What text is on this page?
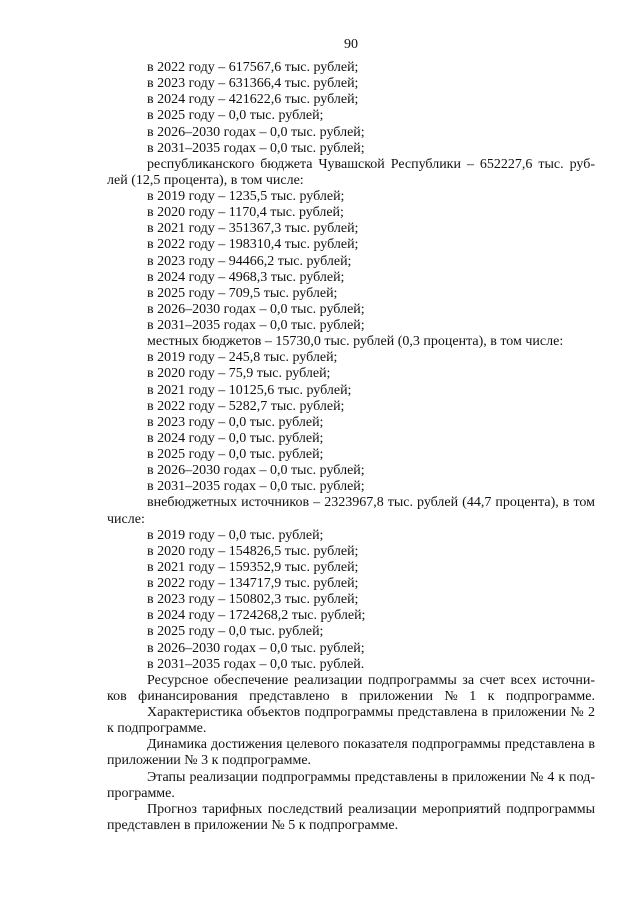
90
в 2022 году – 617567,6 тыс. рублей;
в 2023 году – 631366,4 тыс. рублей;
в 2024 году – 421622,6 тыс. рублей;
в 2025 году – 0,0 тыс. рублей;
в 2026–2030 годах – 0,0 тыс. рублей;
в 2031–2035 годах – 0,0 тыс. рублей;
республиканского бюджета Чувашской Республики – 652227,6 тыс. руб-
лей (12,5 процента), в том числе:
в 2019 году – 1235,5 тыс. рублей;
в 2020 году – 1170,4 тыс. рублей;
в 2021 году – 351367,3 тыс. рублей;
в 2022 году – 198310,4 тыс. рублей;
в 2023 году – 94466,2 тыс. рублей;
в 2024 году – 4968,3 тыс. рублей;
в 2025 году – 709,5 тыс. рублей;
в 2026–2030 годах – 0,0 тыс. рублей;
в 2031–2035 годах – 0,0 тыс. рублей;
местных бюджетов – 15730,0 тыс. рублей (0,3 процента), в том числе:
в 2019 году – 245,8 тыс. рублей;
в 2020 году – 75,9 тыс. рублей;
в 2021 году – 10125,6 тыс. рублей;
в 2022 году – 5282,7 тыс. рублей;
в 2023 году – 0,0 тыс. рублей;
в 2024 году – 0,0 тыс. рублей;
в 2025 году – 0,0 тыс. рублей;
в 2026–2030 годах – 0,0 тыс. рублей;
в 2031–2035 годах – 0,0 тыс. рублей;
внебюджетных источников – 2323967,8 тыс. рублей (44,7 процента), в том
числе:
в 2019 году – 0,0 тыс. рублей;
в 2020 году – 154826,5 тыс. рублей;
в 2021 году – 159352,9 тыс. рублей;
в 2022 году – 134717,9 тыс. рублей;
в 2023 году – 150802,3 тыс. рублей;
в 2024 году – 1724268,2 тыс. рублей;
в 2025 году – 0,0 тыс. рублей;
в 2026–2030 годах – 0,0 тыс. рублей;
в 2031–2035 годах – 0,0 тыс. рублей.
Ресурсное обеспечение реализации подпрограммы за счет всех источни-
ков финансирования представлено в приложении № 1 к подпрограмме.
Характеристика объектов подпрограммы представлена в приложении № 2
к подпрограмме.
Динамика достижения целевого показателя подпрограммы представлена в
приложении № 3 к подпрограмме.
Этапы реализации подпрограммы представлены в приложении № 4 к под-
программе.
Прогноз тарифных последствий реализации мероприятий подпрограммы
представлен в приложении № 5 к подпрограмме.
